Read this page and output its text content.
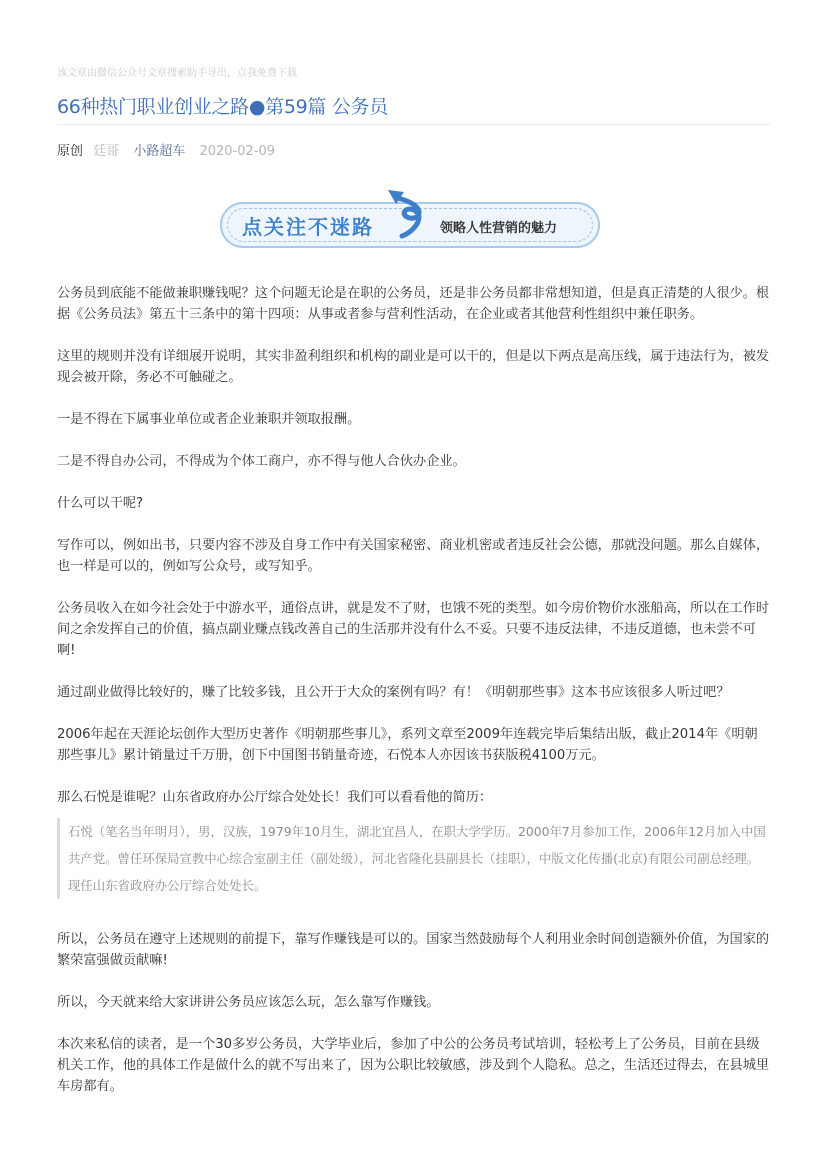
该文章由微信公众号文章搜索助手导出，点我免费下载
66种热门职业创业之路●第59篇 公务员
原创 廷哥 小路超车 2020-02-09
点关注不迷路	领略人性营销的魅力

公务员到底能不能做兼职赚钱呢？这个问题无论是在职的公务员，还是非公务员都非常想知道，但是真正清楚的人很少。根据《公务员法》第五十三条中的第十四项：从事或者参与营利性活动，在企业或者其他营利性组织中兼任职务。

这里的规则并没有详细展开说明，其实非盈利组织和机构的副业是可以干的，但是以下两点是高压线，属于违法行为，被发现会被开除，务必不可触碰之。

一是不得在下属事业单位或者企业兼职并领取报酬。

二是不得自办公司，不得成为个体工商户，亦不得与他人合伙办企业。

什么可以干呢?

写作可以，例如出书，只要内容不涉及自身工作中有关国家秘密、商业机密或者违反社会公德，那就没问题。那么自媒体，也一样是可以的，例如写公众号，或写知乎。

公务员收入在如今社会处于中游水平，通俗点讲，就是发不了财，也饿不死的类型。如今房价物价水涨船高，所以在工作时间之余发挥自己的价值，搞点副业赚点钱改善自己的生活那并没有什么不妥。只要不违反法律，不违反道德，也未尝不可啊!

通过副业做得比较好的，赚了比较多钱，且公开于大众的案例有吗？有！《明朝那些事》这本书应该很多人听过吧？

2006年起在天涯论坛创作大型历史著作《明朝那些事儿》，系列文章至2009年连载完毕后集结出版，截止2014年《明朝那些事儿》累计销量过千万册，创下中国图书销量奇迹，石悦本人亦因该书获版税4100万元。

那么石悦是谁呢？山东省政府办公厅综合处处长！我们可以看看他的简历：

石悦（笔名当年明月），男，汉族，1979年10月生，湖北宜昌人，在职大学学历。2000年7月参加工作，2006年12月加入中国共产党。曾任环保局宣教中心综合室副主任（副处级），河北省隆化县副县长（挂职），中版文化传播(北京)有限公司副总经理。现任山东省政府办公厅综合处处长。

所以，公务员在遵守上述规则的前提下，靠写作赚钱是可以的。国家当然鼓励每个人利用业余时间创造额外价值，为国家的繁荣富强做贡献嘛!

所以，今天就来给大家讲讲公务员应该怎么玩，怎么靠写作赚钱。

本次来私信的读者，是一个30多岁公务员，大学毕业后，参加了中公的公务员考试培训，轻松考上了公务员，目前在县级机关工作，他的具体工作是做什么的就不写出来了，因为公职比较敏感，涉及到个人隐私。总之，生活还过得去，在县城里车房都有。
